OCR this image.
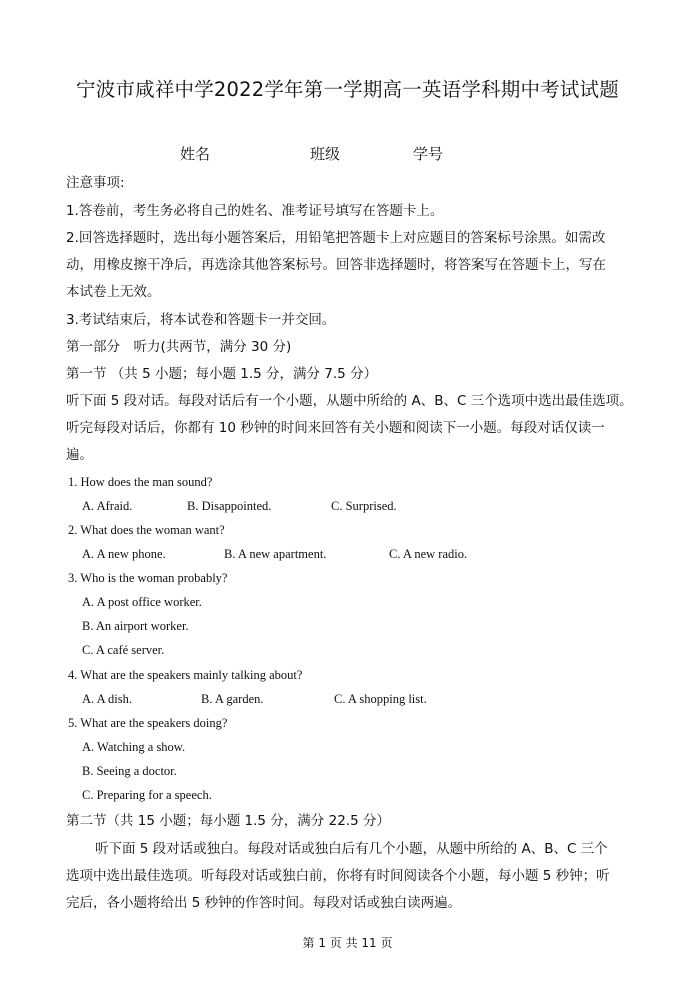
宁波市咸祥中学2022学年第一学期高一英语学科期中考试试题
姓名	班级	学号
注意事项:
1.答卷前，考生务必将自己的姓名、准考证号填写在答题卡上。
2.回答选择题时，选出每小题答案后，用铅笔把答题卡上对应题目的答案标号涂黑。如需改
动，用橡皮擦干净后，再选涂其他答案标号。回答非选择题时，将答案写在答题卡上，写在
本试卷上无效。
3.考试结束后，将本试卷和答题卡一并交回。
第一部分　听力(共两节，满分 30 分)
第一节 （共 5 小题；每小题 1.5 分，满分 7.5 分）
听下面 5 段对话。每段对话后有一个小题，从题中所给的 A、B、C 三个选项中选出最佳选项。
听完每段对话后，你都有 10 秒钟的时间来回答有关小题和阅读下一小题。每段对话仅读一
遍。
1. How does the man sound?
A. Afraid.	B. Disappointed.	C. Surprised.
2. What does the woman want?
A. A new phone.	B. A new apartment.	C. A new radio.
3. Who is the woman probably?
A. A post office worker.
B. An airport worker.
C. A café server.
4. What are the speakers mainly talking about?
A. A dish.	B. A garden.	C. A shopping list.
5. What are the speakers doing?
A. Watching a show.
B. Seeing a doctor.
C. Preparing for a speech.
第二节（共 15 小题；每小题 1.5 分，满分 22.5 分）
听下面 5 段对话或独白。每段对话或独白后有几个小题，从题中所给的 A、B、C 三个
选项中选出最佳选项。听每段对话或独白前，你将有时间阅读各个小题，每小题 5 秒钟；听
完后，各小题将给出 5 秒钟的作答时间。每段对话或独白读两遍。
第 1 页 共 11 页
